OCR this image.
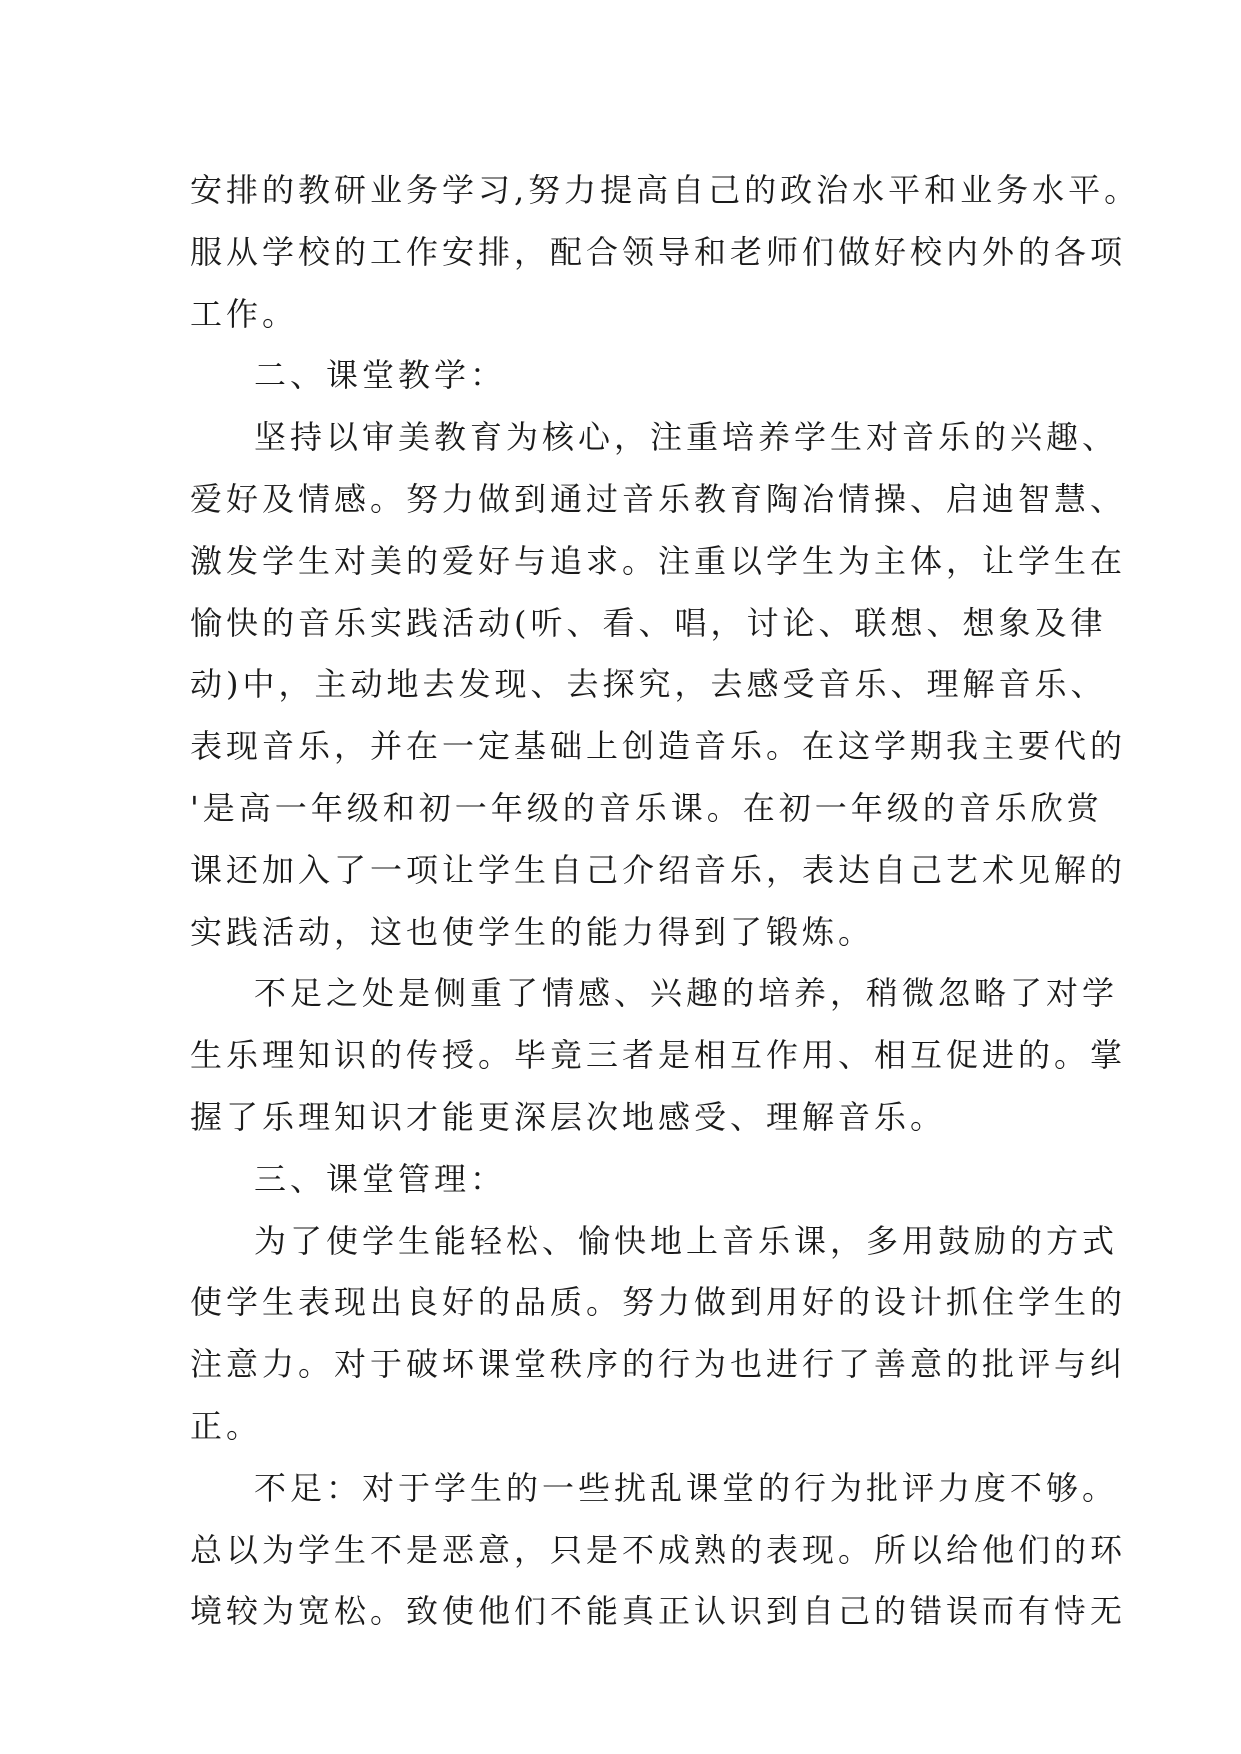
安排的教研业务学习,努力提高自己的政治水平和业务水平。
服从学校的工作安排，配合领导和老师们做好校内外的各项
工作。
二、课堂教学：
坚持以审美教育为核心，注重培养学生对音乐的兴趣、
爱好及情感。努力做到通过音乐教育陶冶情操、启迪智慧、
激发学生对美的爱好与追求。注重以学生为主体，让学生在
愉快的音乐实践活动(听、看、唱，讨论、联想、想象及律
动)中，主动地去发现、去探究，去感受音乐、理解音乐、
表现音乐，并在一定基础上创造音乐。在这学期我主要代的
'是高一年级和初一年级的音乐课。在初一年级的音乐欣赏
课还加入了一项让学生自己介绍音乐，表达自己艺术见解的
实践活动，这也使学生的能力得到了锻炼。
不足之处是侧重了情感、兴趣的培养，稍微忽略了对学
生乐理知识的传授。毕竟三者是相互作用、相互促进的。掌
握了乐理知识才能更深层次地感受、理解音乐。
三、课堂管理：
为了使学生能轻松、愉快地上音乐课，多用鼓励的方式
使学生表现出良好的品质。努力做到用好的设计抓住学生的
注意力。对于破坏课堂秩序的行为也进行了善意的批评与纠
正。
不足：对于学生的一些扰乱课堂的行为批评力度不够。
总以为学生不是恶意，只是不成熟的表现。所以给他们的环
境较为宽松。致使他们不能真正认识到自己的错误而有恃无
